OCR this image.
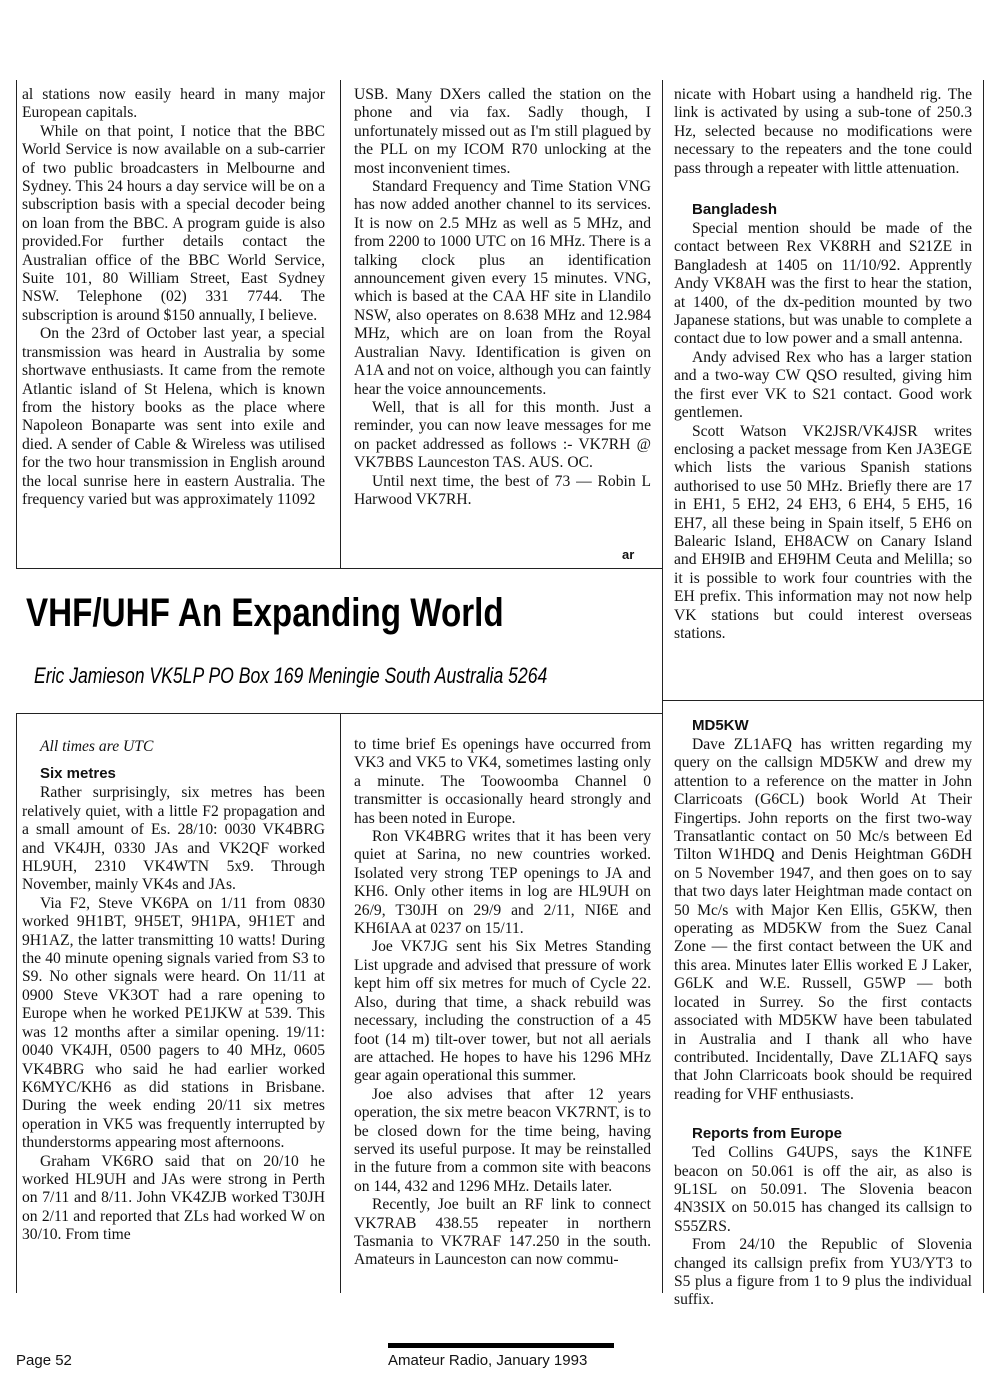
al stations now easily heard in many major European capitals.

While on that point, I notice that the BBC World Service is now available on a sub-carrier of two public broadcasters in Melbourne and Sydney. This 24 hours a day service will be on a subscription basis with a special decoder being on loan from the BBC. A program guide is also provided.For further details contact the Australian office of the BBC World Service, Suite 101, 80 William Street, East Sydney NSW. Telephone (02) 331 7744. The subscription is around $150 annually, I believe.

On the 23rd of October last year, a special transmission was heard in Australia by some shortwave enthusiasts. It came from the remote Atlantic island of St Helena, which is known from the history books as the place where Napoleon Bonaparte was sent into exile and died. A sender of Cable & Wireless was utilised for the two hour transmission in English around the local sunrise here in eastern Australia. The frequency varied but was approximately 11092

USB. Many DXers called the station on the phone and via fax. Sadly though, I unfortunately missed out as I'm still plagued by the PLL on my ICOM R70 unlocking at the most inconvenient times.

Standard Frequency and Time Station VNG has now added another channel to its services. It is now on 2.5 MHz as well as 5 MHz, and from 2200 to 1000 UTC on 16 MHz. There is a talking clock plus an identification announcement given every 15 minutes. VNG, which is based at the CAA HF site in Llandilo NSW, also operates on 8.638 MHz and 12.984 MHz, which are on loan from the Royal Australian Navy. Identification is given on A1A and not on voice, although you can faintly hear the voice announcements.

Well, that is all for this month. Just a reminder, you can now leave messages for me on packet addressed as follows :- VK7RH @ VK7BBS Launceston TAS. AUS. OC.

Until next time, the best of 73 — Robin L Harwood VK7RH.

ar
VHF/UHF An Expanding World
Eric Jamieson VK5LP PO Box 169 Meningie South Australia 5264

All times are UTC

Six metres

Rather surprisingly, six metres has been relatively quiet, with a little F2 propagation and a small amount of Es. 28/10: 0030 VK4BRG and VK4JH, 0330 JAs and VK2QF worked HL9UH, 2310 VK4WTN 5x9. Through November, mainly VK4s and JAs.

Via F2, Steve VK6PA on 1/11 from 0830 worked 9H1BT, 9H5ET, 9H1PA, 9H1ET and 9H1AZ, the latter transmitting 10 watts! During the 40 minute opening signals varied from S3 to S9. No other signals were heard. On 11/11 at 0900 Steve VK3OT had a rare opening to Europe when he worked PE1JKW at 539. This was 12 months after a similar opening. 19/11: 0040 VK4JH, 0500 pagers to 40 MHz, 0605 VK4BRG who said he had earlier worked K6MYC/KH6 as did stations in Brisbane. During the week ending 20/11 six metres operation in VK5 was frequently interrupted by thunderstorms appearing most afternoons.

Graham VK6RO said that on 20/10 he worked HL9UH and JAs were strong in Perth on 7/11 and 8/11. John VK4ZJB worked T30JH on 2/11 and reported that ZLs had worked W on 30/10. From time

to time brief Es openings have occurred from VK3 and VK5 to VK4, sometimes lasting only a minute. The Toowoomba Channel 0 transmitter is occasionally heard strongly and has been noted in Europe.

Ron VK4BRG writes that it has been very quiet at Sarina, no new countries worked. Isolated very strong TEP openings to JA and KH6. Only other items in log are HL9UH on 26/9, T30JH on 29/9 and 2/11, NI6E and KH6IAA at 0237 on 15/11.

Joe VK7JG sent his Six Metres Standing List upgrade and advised that pressure of work kept him off six metres for much of Cycle 22. Also, during that time, a shack rebuild was necessary, including the construction of a 45 foot (14 m) tilt-over tower, but not all aerials are attached. He hopes to have his 1296 MHz gear again operational this summer.

Joe also advises that after 12 years operation, the six metre beacon VK7RNT, is to be closed down for the time being, having served its useful purpose. It may be reinstalled in the future from a common site with beacons on 144, 432 and 1296 MHz. Details later.

Recently, Joe built an RF link to connect VK7RAB 438.55 repeater in northern Tasmania to VK7RAF 147.250 in the south. Amateurs in Launceston can now commu-

nicate with Hobart using a handheld rig. The link is activated by using a sub-tone of 250.3 Hz, selected because no modifications were necessary to the repeaters and the tone could pass through a repeater with little attenuation.

Bangladesh

Special mention should be made of the contact between Rex VK8RH and S21ZE in Bangladesh at 1405 on 11/10/92. Apprently Andy VK8AH was the first to hear the station, at 1400, of the dx-pedition mounted by two Japanese stations, but was unable to complete a contact due to low power and a small antenna.

Andy advised Rex who has a larger station and a two-way CW QSO resulted, giving him the first ever VK to S21 contact. Good work gentlemen.

Scott Watson VK2JSR/VK4JSR writes enclosing a packet message from Ken JA3EGE which lists the various Spanish stations authorised to use 50 MHz. Briefly there are 17 in EH1, 5 EH2, 24 EH3, 6 EH4, 5 EH5, 16 EH7, all these being in Spain itself, 5 EH6 on Balearic Island, EH8ACW on Canary Island and EH9IB and EH9HM Ceuta and Melilla; so it is possible to work four countries with the EH prefix. This information may not now help VK stations but could interest overseas stations.

MD5KW

Dave ZL1AFQ has written regarding my query on the callsign MD5KW and drew my attention to a reference on the matter in John Clarricoats (G6CL) book World At Their Fingertips. John reports on the first two-way Transatlantic contact on 50 Mc/s between Ed Tilton W1HDQ and Denis Heightman G6DH on 5 November 1947, and then goes on to say that two days later Heightman made contact on 50 Mc/s with Major Ken Ellis, G5KW, then operating as MD5KW from the Suez Canal Zone — the first contact between the UK and this area. Minutes later Ellis worked E J Laker, G6LK and W.E. Russell, G5WP — both located in Surrey. So the first contacts associated with MD5KW have been tabulated in Australia and I thank all who have contributed. Incidentally, Dave ZL1AFQ says that John Clarricoats book should be required reading for VHF enthusiasts.

Reports from Europe

Ted Collins G4UPS, says the K1NFE beacon on 50.061 is off the air, as also is 9L1SL on 50.091. The Slovenia beacon 4N3SIX on 50.015 has changed its callsign to S55ZRS.

From 24/10 the Republic of Slovenia changed its callsign prefix from YU3/YT3 to S5 plus a figure from 1 to 9 plus the individual suffix.

Page 52	Amateur Radio, January 1993
